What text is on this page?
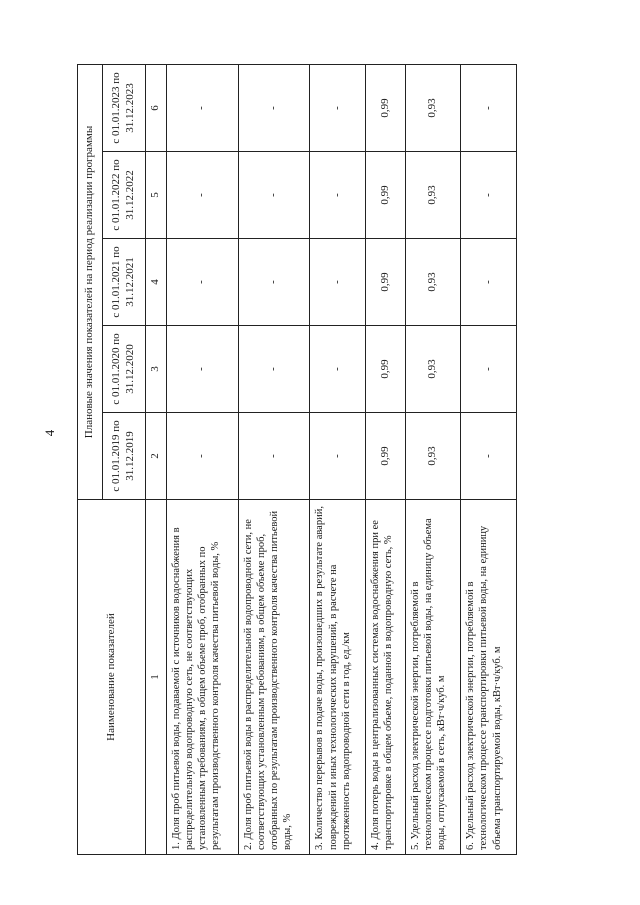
4
Наименование показателей	Плановые значения показателей на период реализации программы				
	с 01.01.2019 по 31.12.2019	с 01.01.2020 по 31.12.2020	с 01.01.2021 по 31.12.2021	с 01.01.2022 по 31.12.2022	с 01.01.2023 по 31.12.2023
1	2	3	4	5	6
1. Доля проб питьевой воды, подаваемой с источников водоснабжения в распределительную водопроводную сеть, не соответствующих установленным требованиям, в общем объеме проб, отобранных по результатам производственного контроля качества питьевой воды, %	-	-	-	-	-
2. Доля проб питьевой воды в распределительной водопроводной сети, не соответствующих установленным требованиям, в общем объеме проб, отобранных по результатам производственного контроля качества питьевой воды, %	-	-	-	-	-
3. Количество перерывов в подаче воды, произошедших в результате аварий, повреждений и иных технологических нарушений, в расчете на протяженность водопроводной сети в год, ед./км	-	-	-	-	-
4. Доля потерь воды в централизованных системах водоснабжения при ее транспортировке в общем объеме, поданной в водопроводную сеть, %	0,99	0,99	0,99	0,99	0,99
5. Удельный расход электрической энергии, потребляемой в технологическом процессе подготовки питьевой воды, на единицу объема воды, отпускаемой в сеть, кВт·ч/куб. м	0,93	0,93	0,93	0,93	0,93
6. Удельный расход электрической энергии, потребляемой в технологическом процессе транспортировки питьевой воды, на единицу объема транспортируемой воды, кВт·ч/куб. м	-	-	-	-	-
